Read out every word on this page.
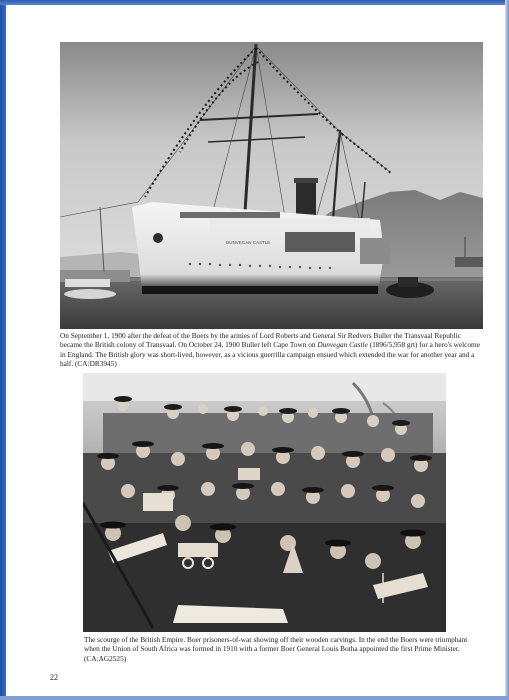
DUNVEGAN CASTLE
On September 1, 1900 after the defeat of the Boers by the armies of Lord Roberts and General Sir Redvers Buller the Transvaal Republic became the British colony of Transvaal. On October 24, 1900 Buller left Cape Town on Dunvegan Castle (1896/5,958 grt) for a hero's welcome in England. The British glory was short-lived, however, as a vicious guerrilla campaign ensued which extended the war for another year and a half. (CA:DR3945)
The scourge of the British Empire. Boer prisoners-of-war showing off their wooden carvings. In the end the Boers were triumphant when the Union of South Africa was formed in 1910 with a former Boer General Louis Botha appointed the first Prime Minister. (CA:AG2525)
22
